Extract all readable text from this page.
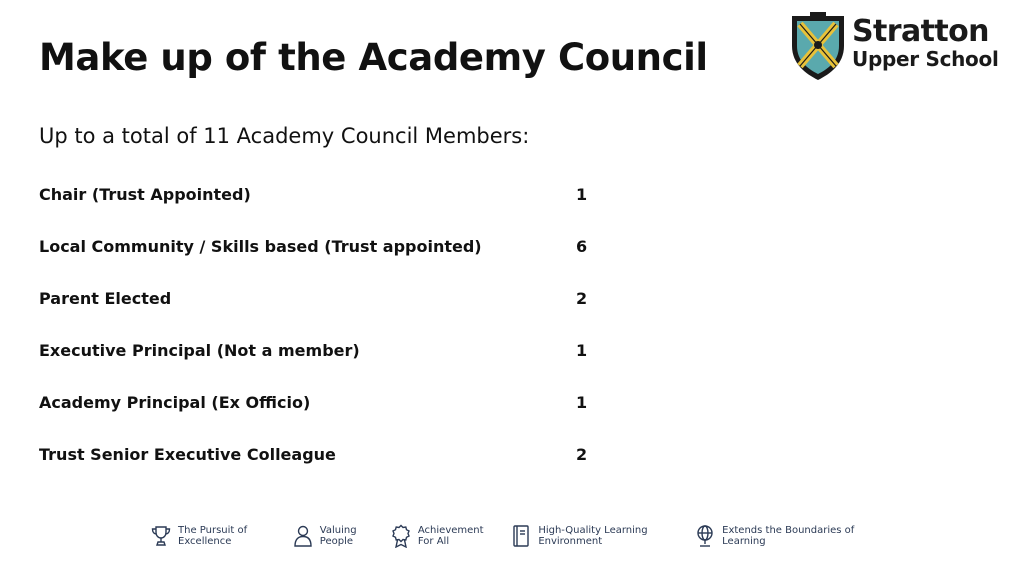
Make up of the Academy Council
Stratton
Upper School
Up to a total of 11 Academy Council Members:
Chair (Trust Appointed)	1
Local Community / Skills based (Trust appointed)	6
Parent Elected	2
Executive Principal (Not a member)	1
Academy Principal (Ex Officio)	1
Trust Senior Executive Colleague	2
The Pursuit of Excellence
Valuing People
Achievement For All
High-Quality Learning Environment
Extends the Boundaries of Learning
